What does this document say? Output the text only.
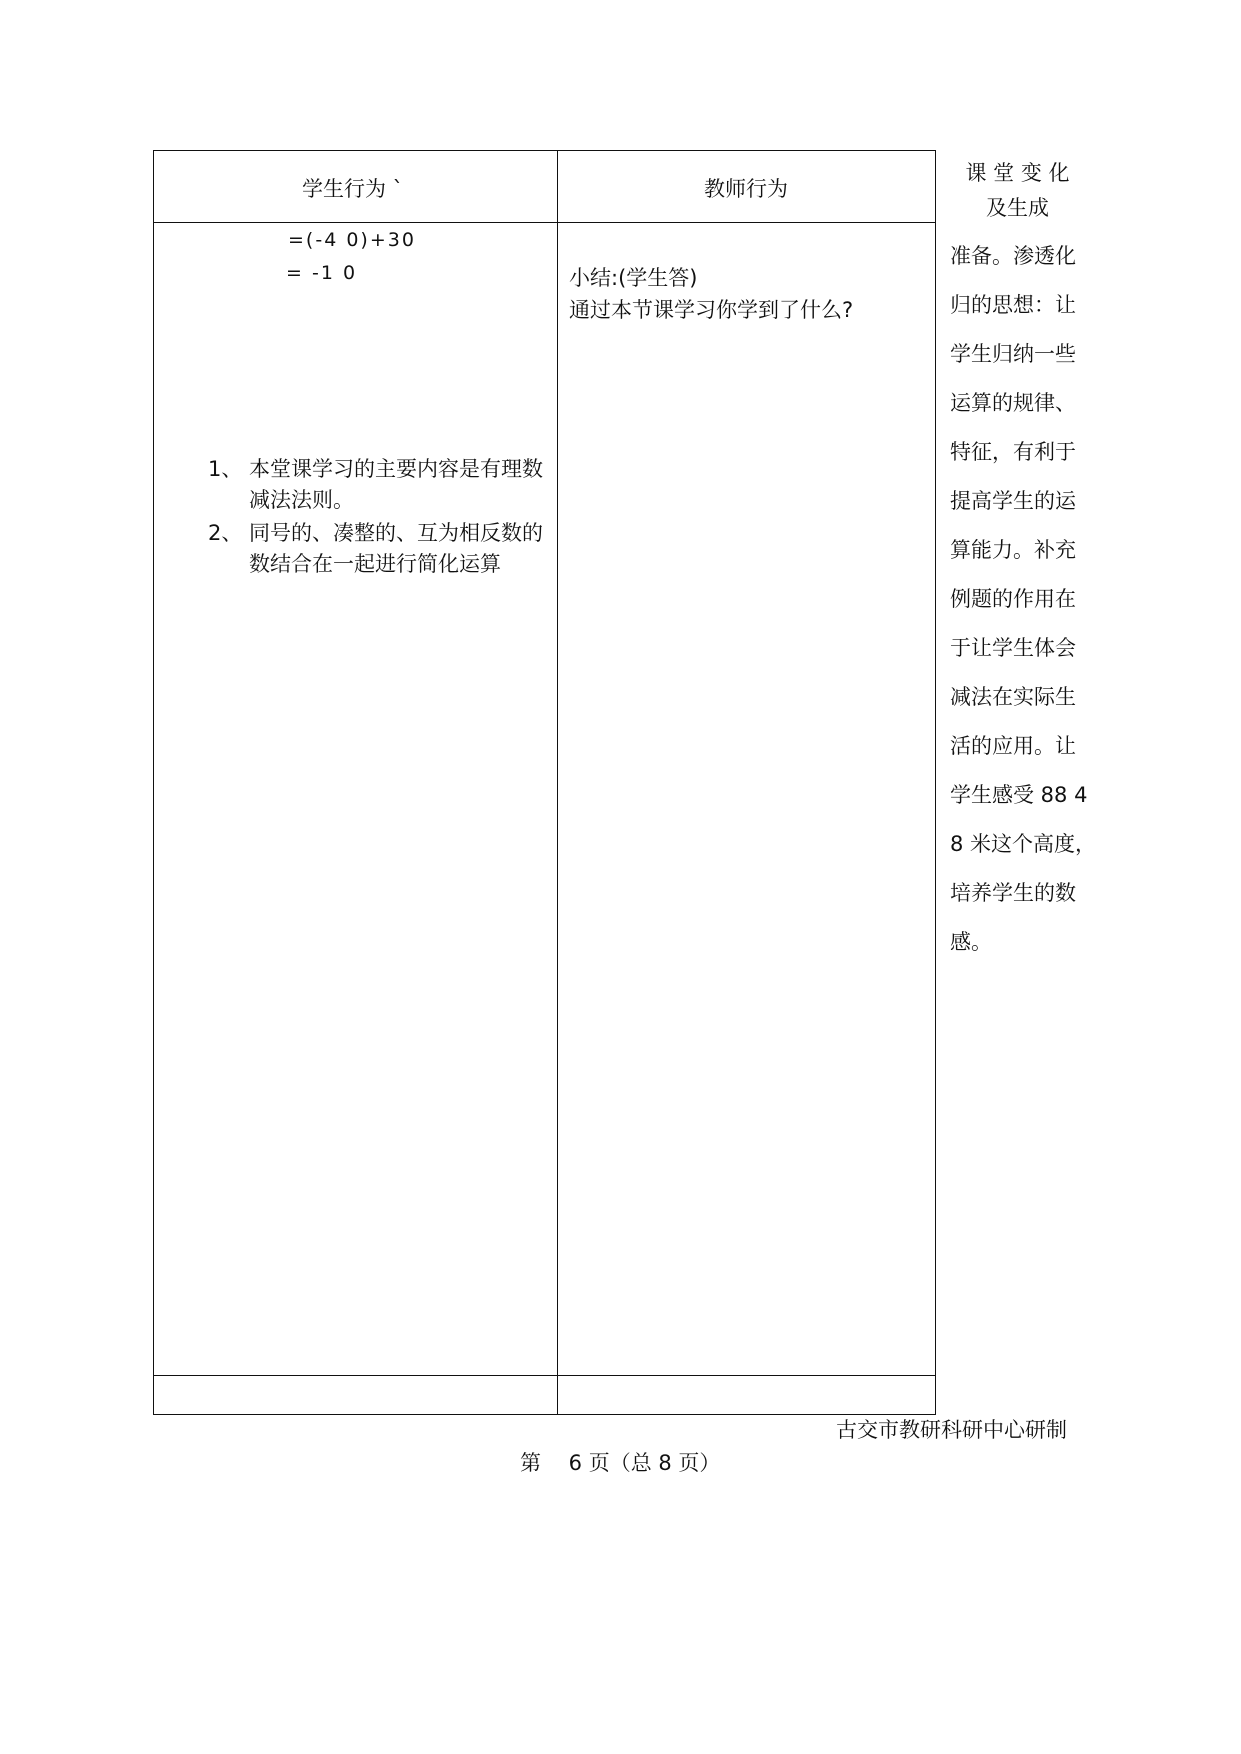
学生行为 `	教师行为
课 堂 变 化
及生成
=(-4 0)+30
= -1 0
1、 本堂课学习的主要内容是有理数减法法则。
2、 同号的、凑整的、互为相反数的数结合在一起进行简化运算
小结:(学生答)
通过本节课学习你学到了什么?
准备。渗透化
归的思想：让
学生归纳一些
运算的规律、
特征，有利于
提高学生的运
算能力。补充
例题的作用在
于让学生体会
减法在实际生
活的应用。让
学生感受 88 4
8 米这个高度，
培养学生的数
感。
古交市教研科研中心研制
第　 6 页（总 8 页）
